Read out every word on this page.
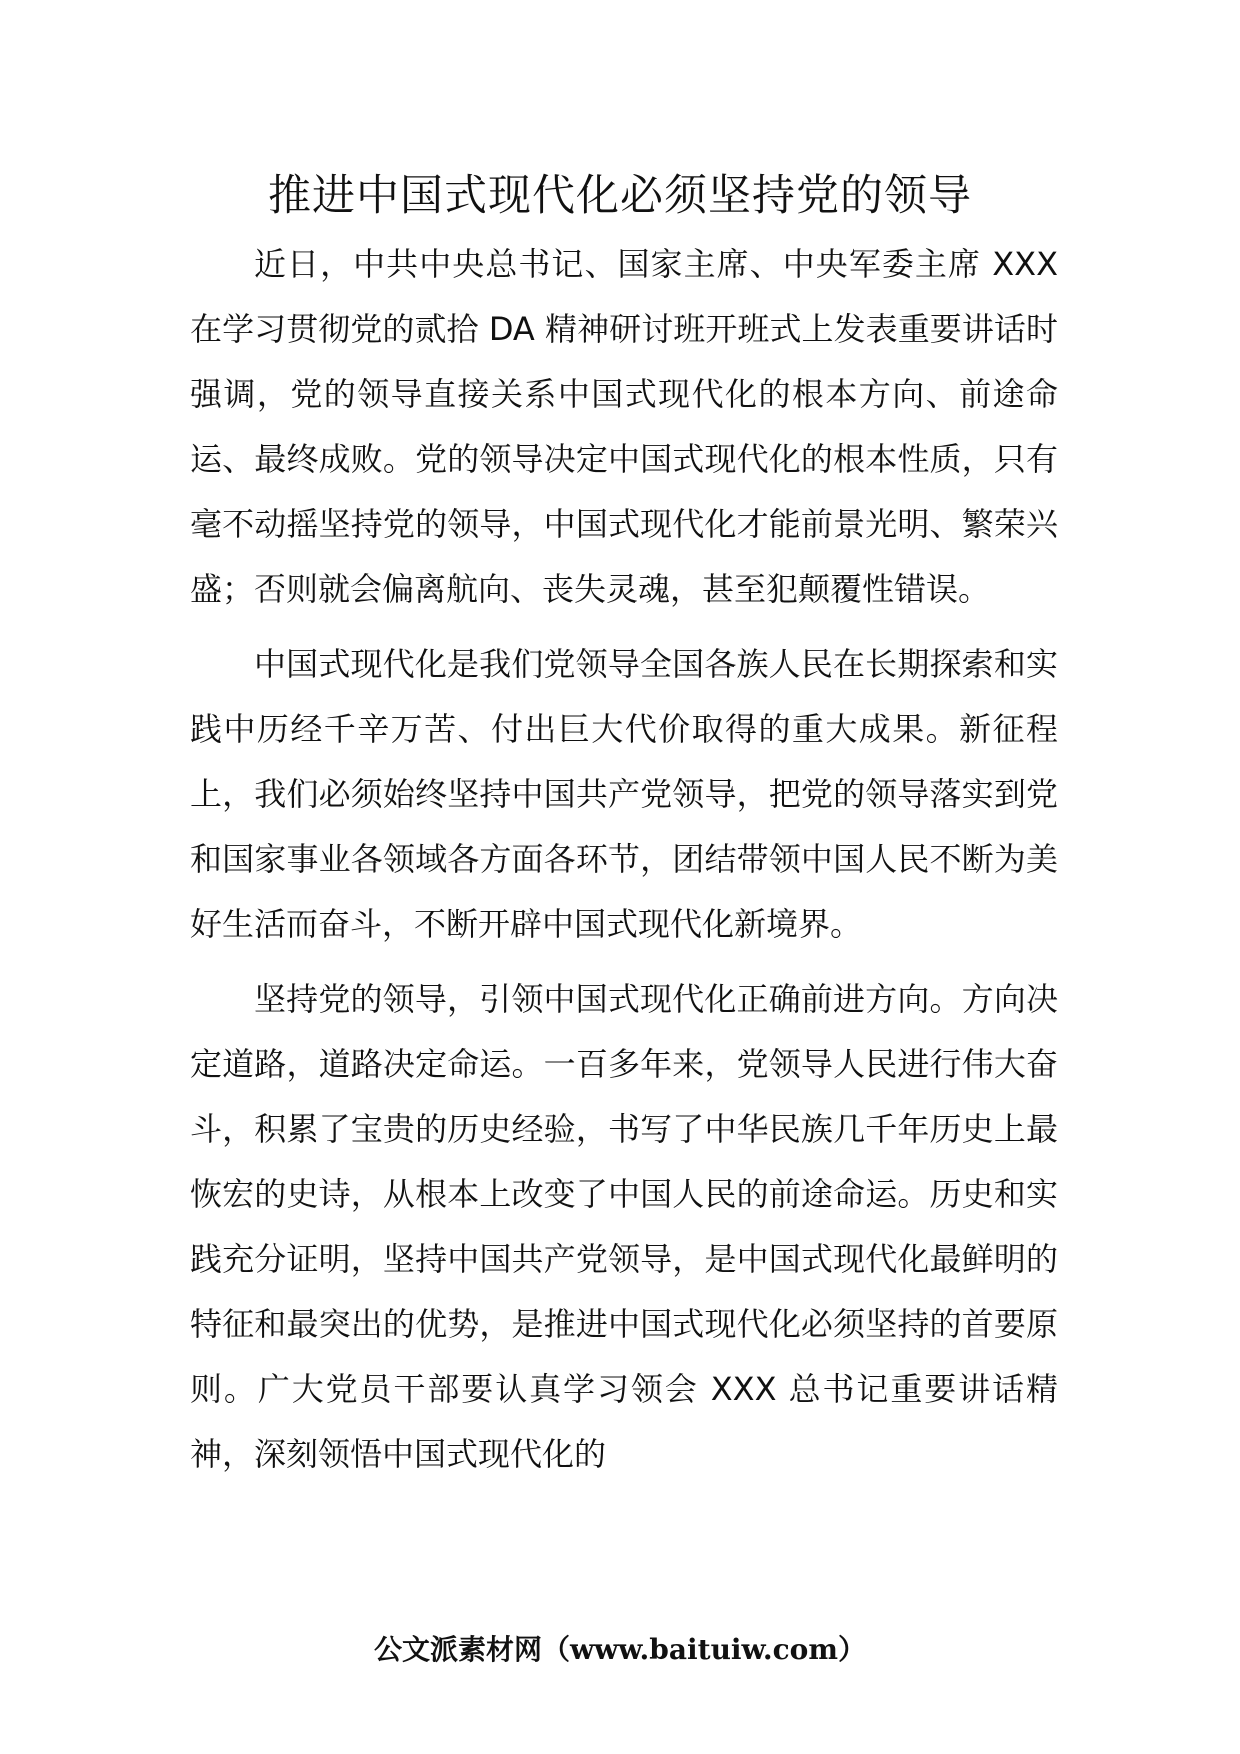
推进中国式现代化必须坚持党的领导

近日，中共中央总书记、国家主席、中央军委主席 XXX 在学习贯彻党的贰拾 DA 精神研讨班开班式上发表重要讲话时强调，党的领导直接关系中国式现代化的根本方向、前途命运、最终成败。党的领导决定中国式现代化的根本性质，只有毫不动摇坚持党的领导，中国式现代化才能前景光明、繁荣兴盛；否则就会偏离航向、丧失灵魂，甚至犯颠覆性错误。

中国式现代化是我们党领导全国各族人民在长期探索和实践中历经千辛万苦、付出巨大代价取得的重大成果。新征程上，我们必须始终坚持中国共产党领导，把党的领导落实到党和国家事业各领域各方面各环节，团结带领中国人民不断为美好生活而奋斗，不断开辟中国式现代化新境界。

坚持党的领导，引领中国式现代化正确前进方向。方向决定道路，道路决定命运。一百多年来，党领导人民进行伟大奋斗，积累了宝贵的历史经验，书写了中华民族几千年历史上最恢宏的史诗，从根本上改变了中国人民的前途命运。历史和实践充分证明，坚持中国共产党领导，是中国式现代化最鲜明的特征和最突出的优势，是推进中国式现代化必须坚持的首要原则。广大党员干部要认真学习领会 XXX 总书记重要讲话精神，深刻领悟中国式现代化的

公文派素材网（www.baituiw.com）
